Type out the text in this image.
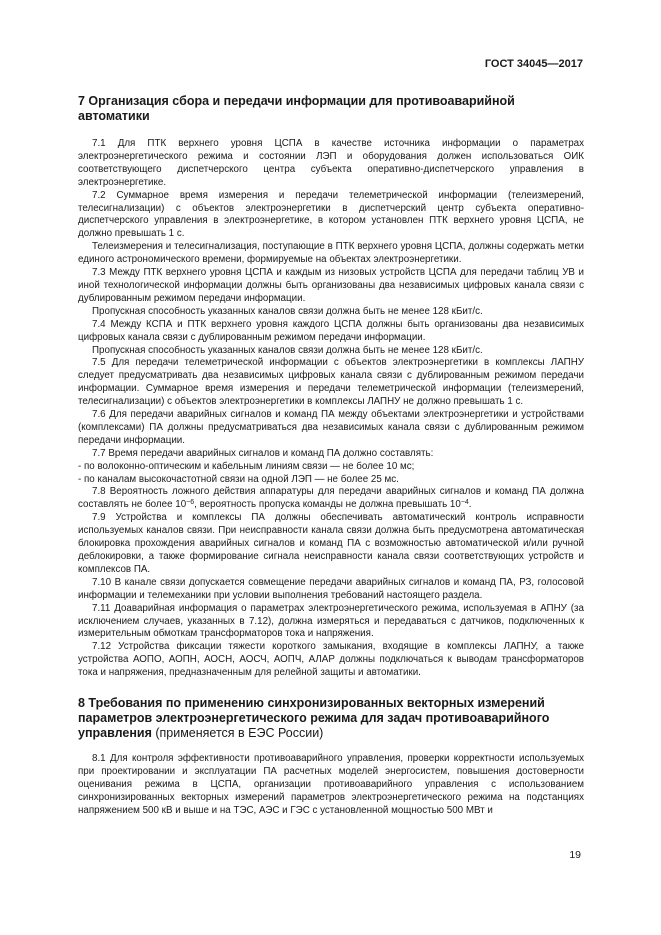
ГОСТ 34045—2017
7 Организация сбора и передачи информации для противоаварийной автоматики

7.1 Для ПТК верхнего уровня ЦСПА в качестве источника информации о параметрах электроэнергетического режима и состоянии ЛЭП и оборудования должен использоваться ОИК соответствующего диспетчерского центра субъекта оперативно-диспетчерского управления в электроэнергетике.

7.2 Суммарное время измерения и передачи телеметрической информации (телеизмерений, телесигнализации) с объектов электроэнергетики в диспетчерский центр субъекта оперативно-диспетчерского управления в электроэнергетике, в котором установлен ПТК верхнего уровня ЦСПА, не должно превышать 1 с.

Телеизмерения и телесигнализация, поступающие в ПТК верхнего уровня ЦСПА, должны содержать метки единого астрономического времени, формируемые на объектах электроэнергетики.

7.3 Между ПТК верхнего уровня ЦСПА и каждым из низовых устройств ЦСПА для передачи таблиц УВ и иной технологической информации должны быть организованы два независимых цифровых канала связи с дублированным режимом передачи информации.

Пропускная способность указанных каналов связи должна быть не менее 128 кБит/с.

7.4 Между КСПА и ПТК верхнего уровня каждого ЦСПА должны быть организованы два независимых цифровых канала связи с дублированным режимом передачи информации.

Пропускная способность указанных каналов связи должна быть не менее 128 кБит/с.

7.5 Для передачи телеметрической информации с объектов электроэнергетики в комплексы ЛАПНУ следует предусматривать два независимых цифровых канала связи с дублированным режимом передачи информации. Суммарное время измерения и передачи телеметрической информации (телеизмерений, телесигнализации) с объектов электроэнергетики в комплексы ЛАПНУ не должно превышать 1 с.

7.6 Для передачи аварийных сигналов и команд ПА между объектами электроэнергетики и устройствами (комплексами) ПА должны предусматриваться два независимых канала связи с дублированным режимом передачи информации.

7.7 Время передачи аварийных сигналов и команд ПА должно составлять:

- по волоконно-оптическим и кабельным линиям связи — не более 10 мс;

- по каналам высокочастотной связи на одной ЛЭП — не более 25 мс.

7.8 Вероятность ложного действия аппаратуры для передачи аварийных сигналов и команд ПА должна составлять не более $10^{-6}$, вероятность пропуска команды не должна превышать $10^{-4}$.

7.9 Устройства и комплексы ПА должны обеспечивать автоматический контроль исправности используемых каналов связи. При неисправности канала связи должна быть предусмотрена автоматическая блокировка прохождения аварийных сигналов и команд ПА с возможностью автоматической и/или ручной деблокировки, а также формирование сигнала неисправности канала связи соответствующих устройств и комплексов ПА.

7.10 В канале связи допускается совмещение передачи аварийных сигналов и команд ПА, РЗ, голосовой информации и телемеханики при условии выполнения требований настоящего раздела.

7.11 Доаварийная информация о параметрах электроэнергетического режима, используемая в АПНУ (за исключением случаев, указанных в 7.12), должна измеряться и передаваться с датчиков, подключенных к измерительным обмоткам трансформаторов тока и напряжения.

7.12 Устройства фиксации тяжести короткого замыкания, входящие в комплексы ЛАПНУ, а также устройства АОПО, АОПН, АОСН, АОСЧ, АОПЧ, АЛАР должны подключаться к выводам трансформаторов тока и напряжения, предназначенным для релейной защиты и автоматики.

8 Требования по применению синхронизированных векторных измерений параметров электроэнергетического режима для задач противоаварийного управления (применяется в ЕЭС России)

8.1 Для контроля эффективности противоаварийного управления, проверки корректности используемых при проектировании и эксплуатации ПА расчетных моделей энергосистем, повышения достоверности оценивания режима в ЦСПА, организации противоаварийного управления с использованием синхронизированных векторных измерений параметров электроэнергетического режима на подстанциях напряжением 500 кВ и выше и на ТЭС, АЭС и ГЭС с установленной мощностью 500 МВт и

19
